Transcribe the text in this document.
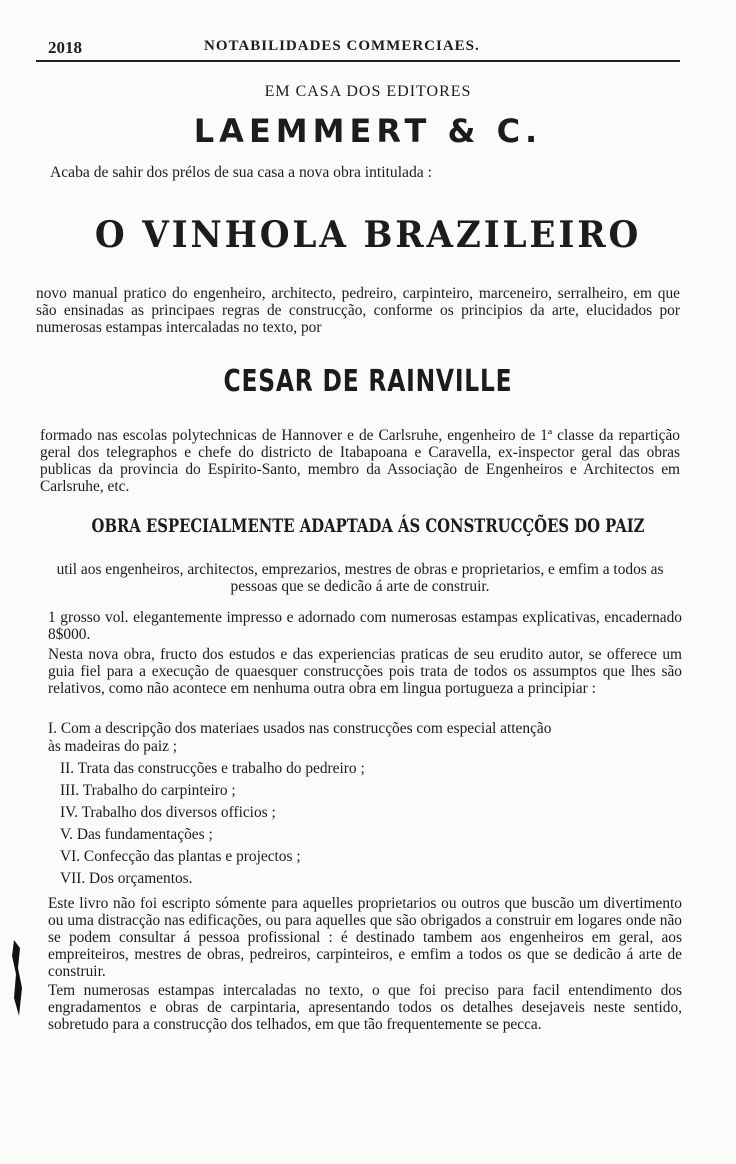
2018	NOTABILIDADES COMMERCIAES.
EM CASA DOS EDITORES
LAEMMERT & C.

Acaba de sahir dos prélos de sua casa a nova obra intitulada :

O VINHOLA BRAZILEIRO

novo manual pratico do engenheiro, architecto, pedreiro, carpinteiro, marceneiro, serralheiro, em que são ensinadas as principaes regras de construcção, conforme os principios da arte, elucidados por numerosas estampas intercaladas no texto, por

CESAR DE RAINVILLE

formado nas escolas polytechnicas de Hannover e de Carlsruhe, engenheiro de 1ª classe da repartição geral dos telegraphos e chefe do districto de Itabapoana e Caravella, ex-inspector geral das obras publicas da provincia do Espirito-Santo, membro da Associação de Engenheiros e Architectos em Carlsruhe, etc.

OBRA ESPECIALMENTE ADAPTADA ÁS CONSTRUCÇÕES DO PAIZ

util aos engenheiros, architectos, emprezarios, mestres de obras e proprietarios, e emfim a todos as pessoas que se dedicão á arte de construir.

1 grosso vol. elegantemente impresso e adornado com numerosas estampas explicativas, encadernado 8$000.

Nesta nova obra, fructo dos estudos e das experiencias praticas de seu erudito autor, se offerece um guia fiel para a execução de quaesquer construcções pois trata de todos os assumptos que lhes são relativos, como não acontece em nenhuma outra obra em lingua portugueza a principiar :

I. Com a descripção dos materiaes usados nas construcções com especial attenção
às madeiras do paiz ;
II. Trata das construcções e trabalho do pedreiro ;
III. Trabalho do carpinteiro ;
IV. Trabalho dos diversos officios ;
V. Das fundamentações ;
VI. Confecção das plantas e projectos ;
VII. Dos orçamentos.

Este livro não foi escripto sómente para aquelles proprietarios ou outros que buscão um divertimento ou uma distracção nas edificações, ou para aquelles que são obrigados a construir em logares onde não se podem consultar á pessoa profissional : é destinado tambem aos engenheiros em geral, aos empreiteiros, mestres de obras, pedreiros, carpinteiros, e emfim a todos os que se dedicão á arte de construir.

Tem numerosas estampas intercaladas no texto, o que foi preciso para facil entendimento dos engradamentos e obras de carpintaria, apresentando todos os detalhes desejaveis neste sentido, sobretudo para a construcção dos telhados, em que tão frequentemente se pecca.
